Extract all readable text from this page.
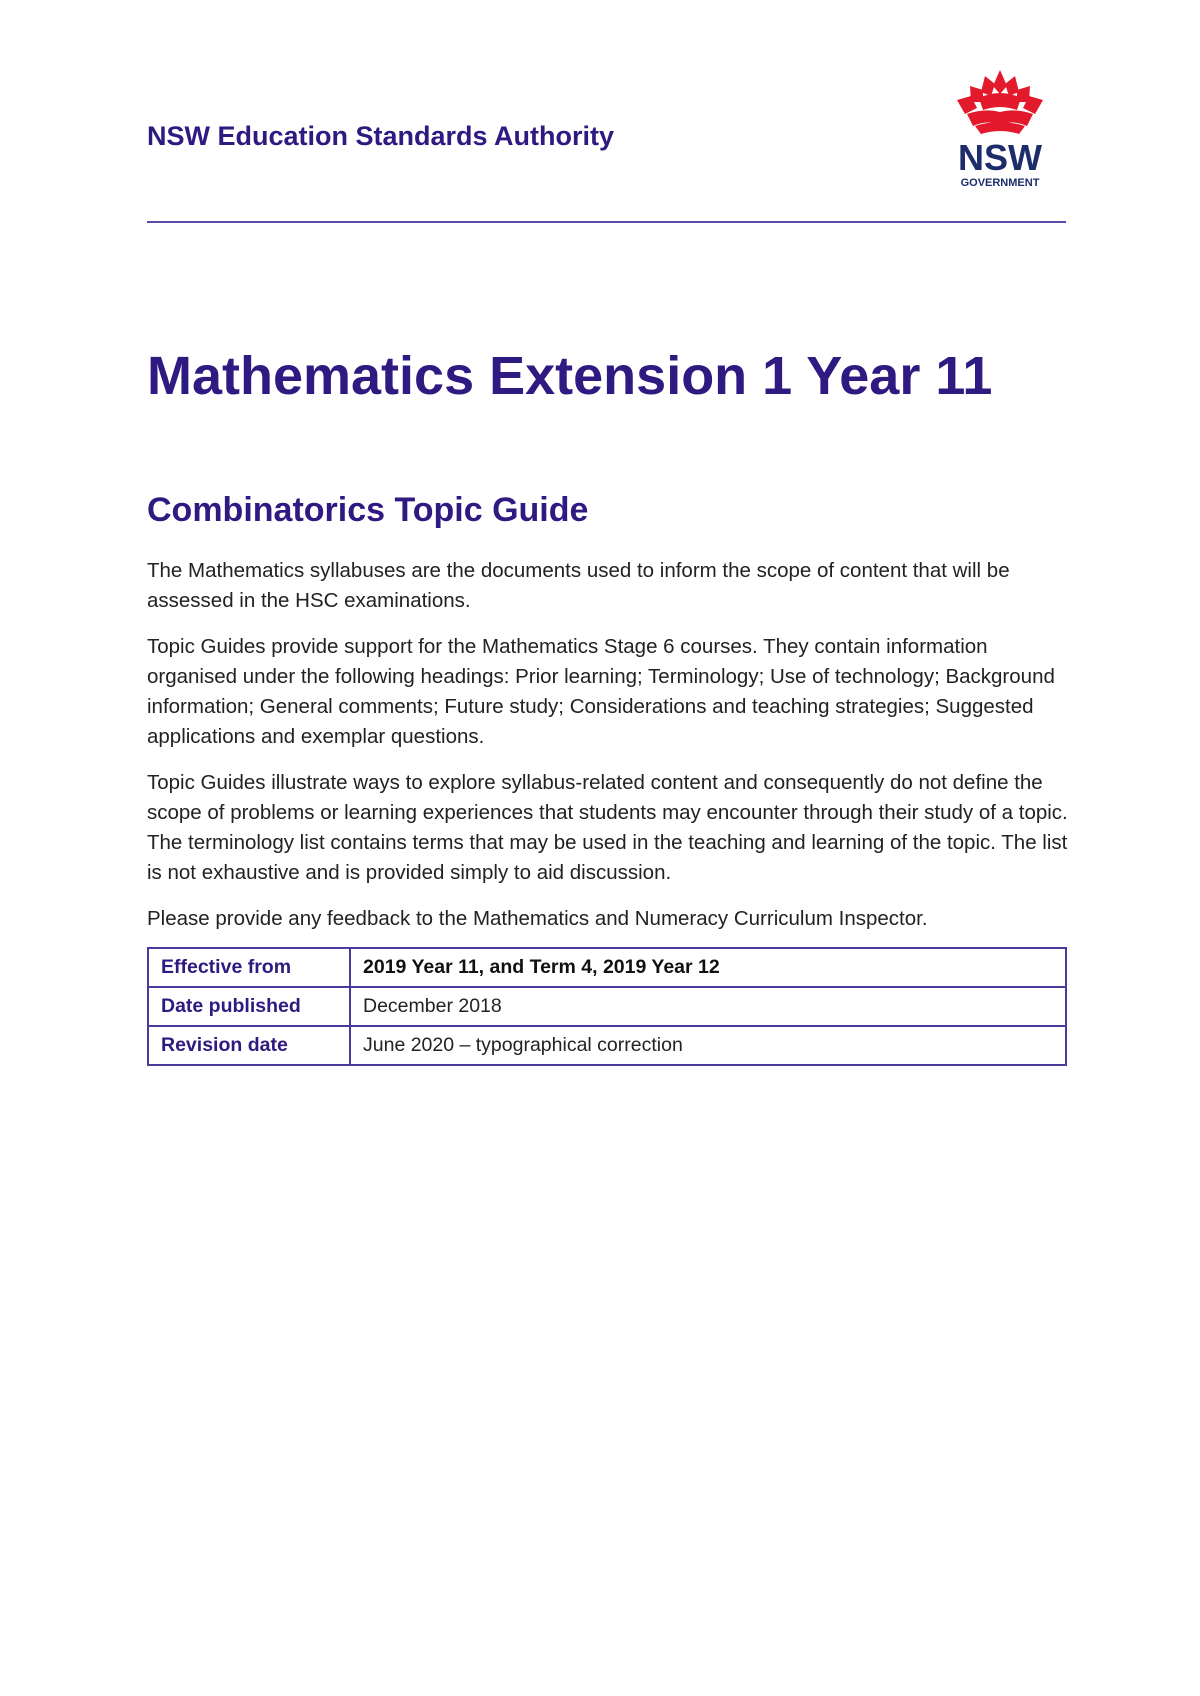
NSW Education Standards Authority

NSW
GOVERNMENT
Mathematics Extension 1 Year 11
Combinatorics Topic Guide

The Mathematics syllabuses are the documents used to inform the scope of content that will be assessed in the HSC examinations.

Topic Guides provide support for the Mathematics Stage 6 courses. They contain information organised under the following headings: Prior learning; Terminology; Use of technology; Background information; General comments; Future study; Considerations and teaching strategies; Suggested applications and exemplar questions.

Topic Guides illustrate ways to explore syllabus-related content and consequently do not define the scope of problems or learning experiences that students may encounter through their study of a topic. The terminology list contains terms that may be used in the teaching and learning of the topic. The list is not exhaustive and is provided simply to aid discussion.

Please provide any feedback to the Mathematics and Numeracy Curriculum Inspector.

Effective from	2019 Year 11, and Term 4, 2019 Year 12
Date published	December 2018
Revision date	June 2020 – typographical correction
